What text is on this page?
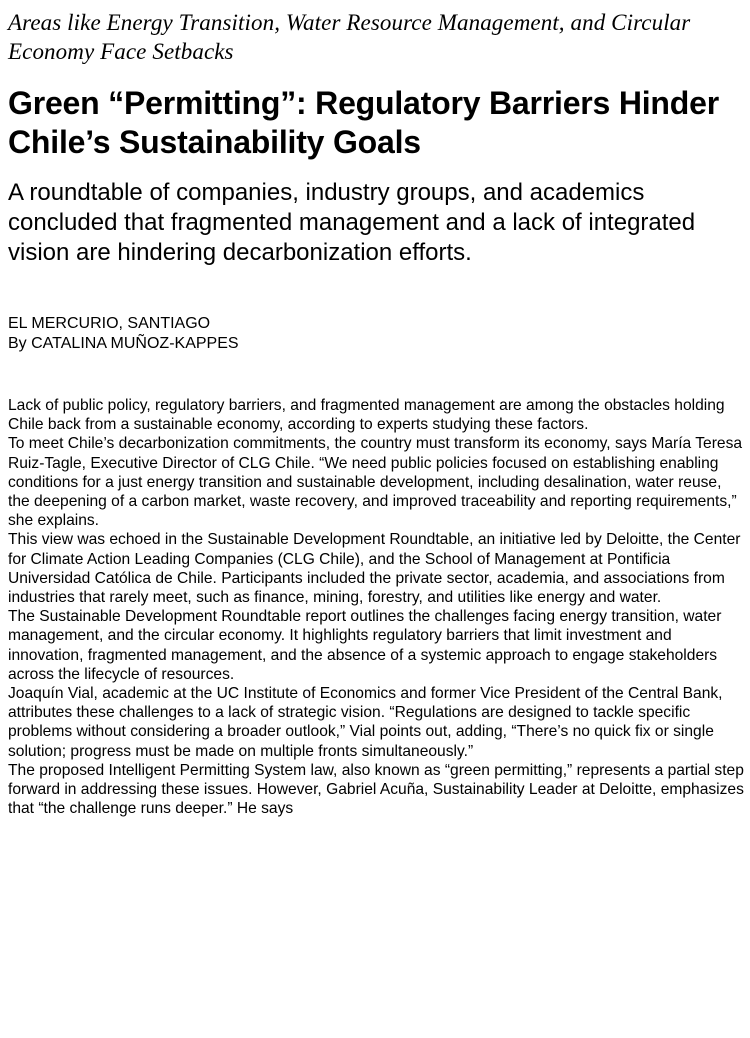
Areas like Energy Transition, Water Resource Management, and Circular Economy Face Setbacks
Green “Permitting”: Regulatory Barriers Hinder Chile’s Sustainability Goals
A roundtable of companies, industry groups, and academics concluded that fragmented management and a lack of integrated vision are hindering decarbonization efforts.
EL MERCURIO, SANTIAGO
By CATALINA MUÑOZ-KAPPES

Lack of public policy, regulatory barriers, and fragmented management are among the obstacles holding Chile back from a sustainable economy, according to experts studying these factors.

To meet Chile’s decarbonization commitments, the country must transform its economy, says María Teresa Ruiz-Tagle, Executive Director of CLG Chile. “We need public policies focused on establishing enabling conditions for a just energy transition and sustainable development, including desalination, water reuse, the deepening of a carbon market, waste recovery, and improved traceability and reporting requirements,” she explains.

This view was echoed in the Sustainable Development Roundtable, an initiative led by Deloitte, the Center for Climate Action Leading Companies (CLG Chile), and the School of Management at Pontificia Universidad Católica de Chile. Participants included the private sector, academia, and associations from industries that rarely meet, such as finance, mining, forestry, and utilities like energy and water.

The Sustainable Development Roundtable report outlines the challenges facing energy transition, water management, and the circular economy. It highlights regulatory barriers that limit investment and innovation, fragmented management, and the absence of a systemic approach to engage stakeholders across the lifecycle of resources.

Joaquín Vial, academic at the UC Institute of Economics and former Vice President of the Central Bank, attributes these challenges to a lack of strategic vision. “Regulations are designed to tackle specific problems without considering a broader outlook,” Vial points out, adding, “There’s no quick fix or single solution; progress must be made on multiple fronts simultaneously.”

The proposed Intelligent Permitting System law, also known as “green permitting,” represents a partial step forward in addressing these issues. However, Gabriel Acuña, Sustainability Leader at Deloitte, emphasizes that “the challenge runs deeper.” He says
